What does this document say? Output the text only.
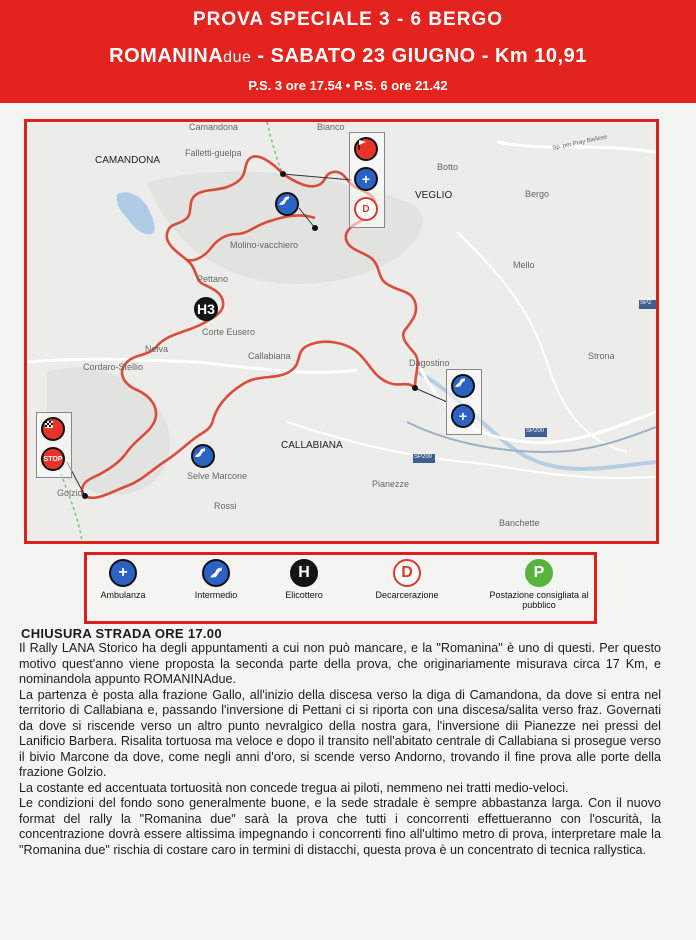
PROVA SPECIALE 3 - 6 BERGO
ROMANINAdue - SABATO 23 GIUGNO - Km 10,91
P.S. 3 ore 17.54 • P.S. 6 ore 21.42
Camandona	Bianco
Sp. per Pray Biellese
CAMANDONA
Falletti-guelpa
Botto
VEGLIO	Bergo
Molino-vacchiero
Mello
Pettano
Corte Eusero
Neiva
Callabiana
Cordaro-Stellio	Dagostino
Strona
CALLABIANA
Pianezze
Selve Marcone
Rossi
Golzio
Banchette
SP200
SP200
SP2
+
D
H3
+
STOP
+
Ambulanza	Intermedio
H
Elicottero
D
Decarcerazione
P
Postazione consigliata al pubblico
CHIUSURA STRADA ORE 17.00

Il Rally LANA Storico ha degli appuntamenti a cui non può mancare, e la "Romanina" è uno di questi. Per questo motivo quest'anno viene proposta la seconda parte della prova, che originariamente misurava circa 17 Km, e nominandola appunto ROMANINAdue.

La partenza è posta alla frazione Gallo, all'inizio della discesa verso la diga di Camandona, da dove si entra nel territorio di Callabiana e, passando l'inversione di Pettani ci si riporta con una discesa/salita verso fraz. Governati da dove si riscende verso un altro punto nevralgico della nostra gara, l'inversione dii Pianezze nei pressi del Lanificio Barbera. Risalita tortuosa ma veloce e dopo il transito nell'abitato centrale di Callabiana si prosegue verso il bivio Marcone da dove, come negli anni d'oro, si scende verso Andorno, trovando il fine prova alle porte della frazione Golzio.

La costante ed accentuata tortuosità non concede tregua ai piloti, nemmeno nei tratti medio-veloci.

Le condizioni del fondo sono generalmente buone, e la sede stradale è sempre abbastanza larga. Con il nuovo format del rally la "Romanina due" sarà la prova che tutti i concorrenti effettueranno con l'oscurità, la concentrazione dovrà essere altissima impegnando i concorrenti fino all'ultimo metro di prova, interpretare male la "Romanina due" rischia di costare caro in termini di distacchi, questa prova è un concentrato di tecnica rallystica.
